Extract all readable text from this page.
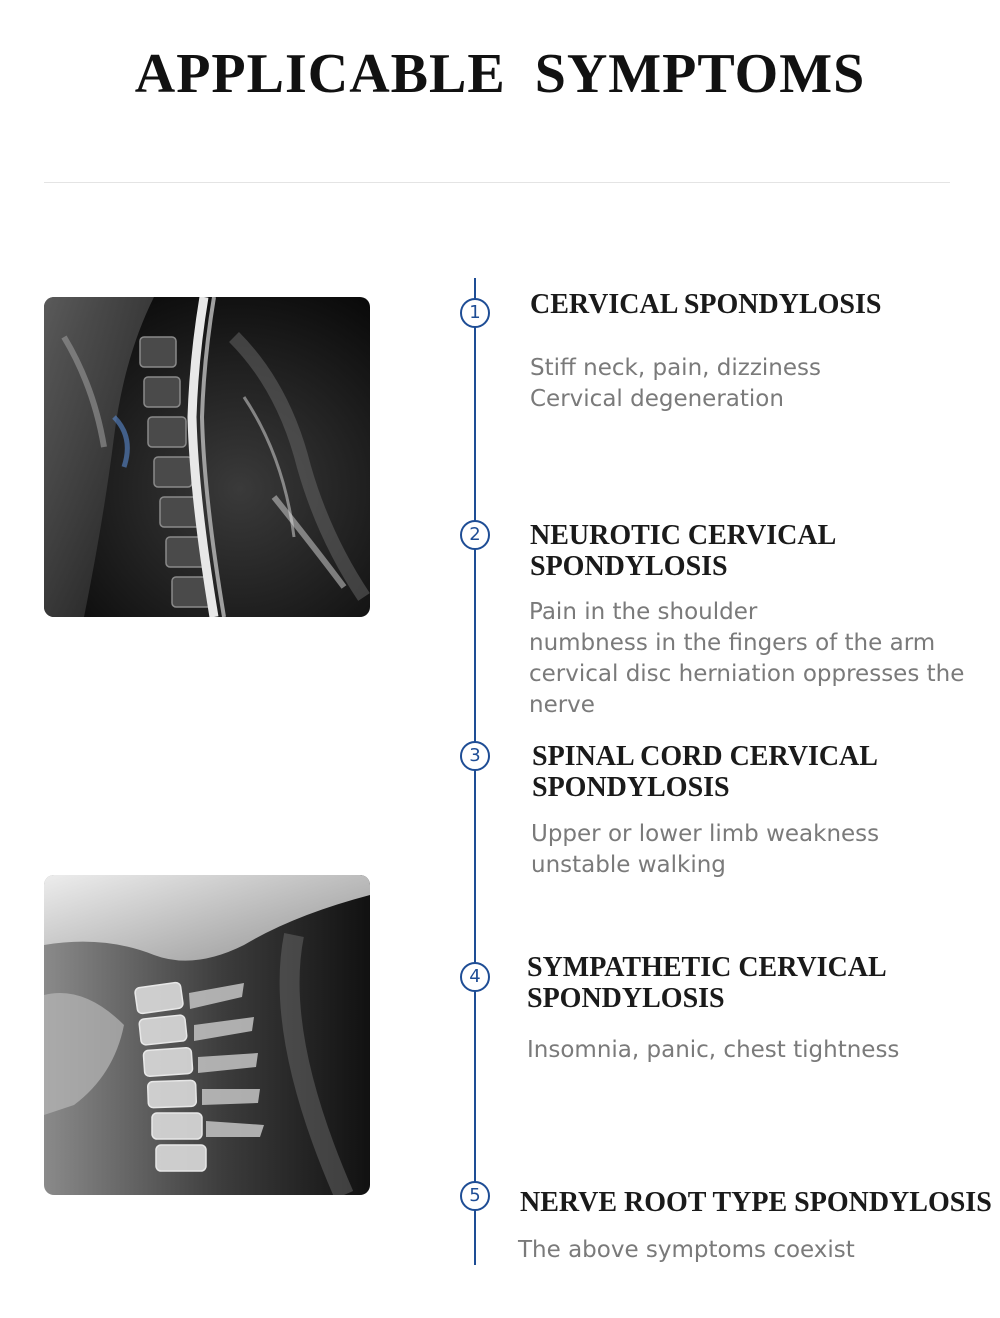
APPLICABLE SYMPTOMS
1	CERVICAL SPONDYLOSIS
Stiff neck, pain, dizziness
Cervical degeneration
2	NEUROTIC CERVICAL
SPONDYLOSIS
Pain in the shoulder
numbness in the fingers of the arm
cervical disc herniation oppresses the
nerve
3	SPINAL CORD CERVICAL
SPONDYLOSIS
Upper or lower limb weakness
unstable walking
4	SYMPATHETIC CERVICAL
SPONDYLOSIS
Insomnia, panic, chest tightness
5	NERVE ROOT TYPE SPONDYLOSIS
The above symptoms coexist
